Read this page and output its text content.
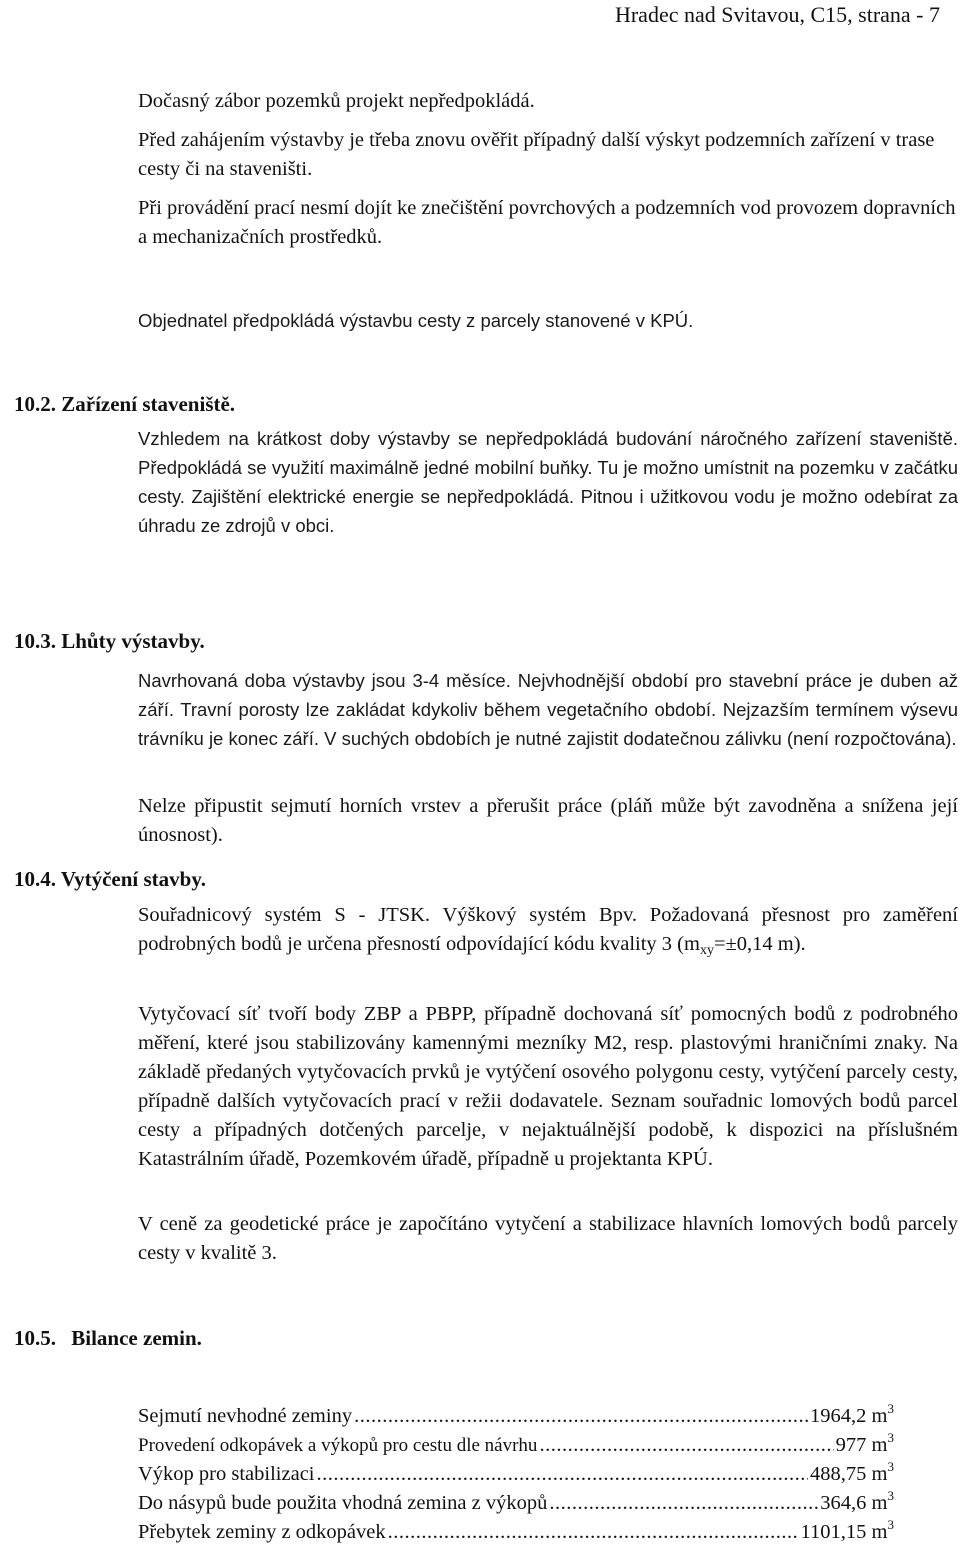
Hradec nad Svitavou, C15, strana - 7

Dočasný zábor pozemků projekt nepředpokládá.

Před zahájením výstavby je třeba znovu ověřit případný další výskyt podzemních zařízení v trase cesty či na staveništi.

Při provádění prací nesmí dojít ke znečištění povrchových a podzemních vod provozem dopravních a mechanizačních prostředků.

Objednatel předpokládá výstavbu cesty z parcely stanovené v KPÚ.

10.2. Zařízení staveniště.

Vzhledem na krátkost doby výstavby se nepředpokládá budování náročného zařízení staveniště. Předpokládá se využití maximálně jedné mobilní buňky. Tu je možno umístnit na pozemku v začátku cesty. Zajištění elektrické energie se nepředpokládá. Pitnou i užitkovou vodu je možno odebírat za úhradu ze zdrojů v obci.

10.3. Lhůty výstavby.

Navrhovaná doba výstavby jsou 3-4 měsíce. Nejvhodnější období pro stavební práce je duben až září. Travní porosty lze zakládat kdykoliv během vegetačního období. Nejzazším termínem výsevu trávníku je konec září. V suchých obdobích je nutné zajistit dodatečnou zálivku (není rozpočtována).

Nelze připustit sejmutí horních vrstev a přerušit práce (pláň může být zavodněna a snížena její únosnost).

10.4. Vytýčení stavby.

Souřadnicový systém S - JTSK. Výškový systém Bpv. Požadovaná přesnost pro zaměření podrobných bodů je určena přesností odpovídající kódu kvality 3 ($m_{xy}=\pm 0,14$ m).

Vytyčovací síť tvoří body ZBP a PBPP, případně dochovaná síť pomocných bodů z podrobného měření, které jsou stabilizovány kamennými mezníky M2, resp. plastovými hraničními znaky. Na základě předaných vytyčovacích prvků je vytýčení osového polygonu cesty, vytýčení parcely cesty, případně dalších vytyčovacích prací v režii dodavatele. Seznam souřadnic lomových bodů parcel cesty a případných dotčených parcelje, v nejaktuálnější podobě, k dispozici na příslušném Katastrálním úřadě, Pozemkovém úřadě, případně u projektanta KPÚ.

V ceně za geodetické práce je započítáno vytyčení a stabilizace hlavních lomových bodů parcely cesty v kvalitě 3.

10.5. Bilance zemin.
Sejmutí nevhodné zeminy .....	1964,2 $m^3$
Provedení odkopávek a výkopů pro cestu dle návrhu .....	977 $m^3$
Výkop pro stabilizaci .....	488,75 $m^3$
Do násypů bude použita vhodná zemina z výkopů .....	364,6 $m^3$
Přebytek zeminy z odkopávek .....	1101,15 $m^3$
